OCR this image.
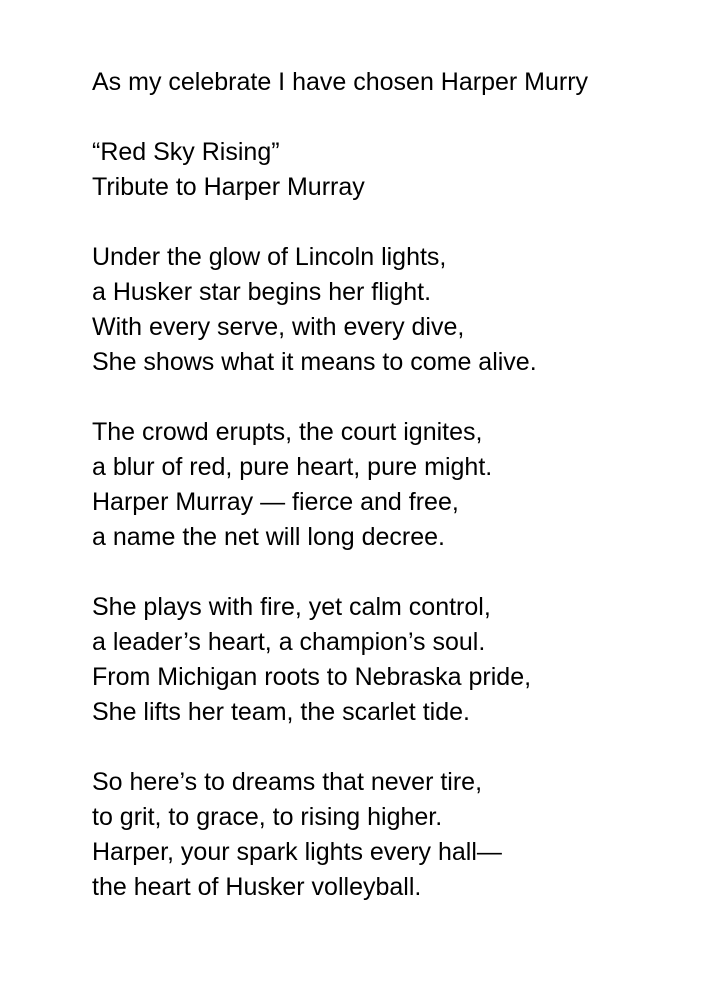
As my celebrate I have chosen Harper Murry

“Red Sky Rising”

Tribute to Harper Murray

Under the glow of Lincoln lights,

a Husker star begins her flight.

With every serve, with every dive,

She shows what it means to come alive.

The crowd erupts, the court ignites,

a blur of red, pure heart, pure might.

Harper Murray — fierce and free,

a name the net will long decree.

She plays with fire, yet calm control,

a leader’s heart, a champion’s soul.

From Michigan roots to Nebraska pride,

She lifts her team, the scarlet tide.

So here’s to dreams that never tire,

to grit, to grace, to rising higher.

Harper, your spark lights every hall—

the heart of Husker volleyball.
